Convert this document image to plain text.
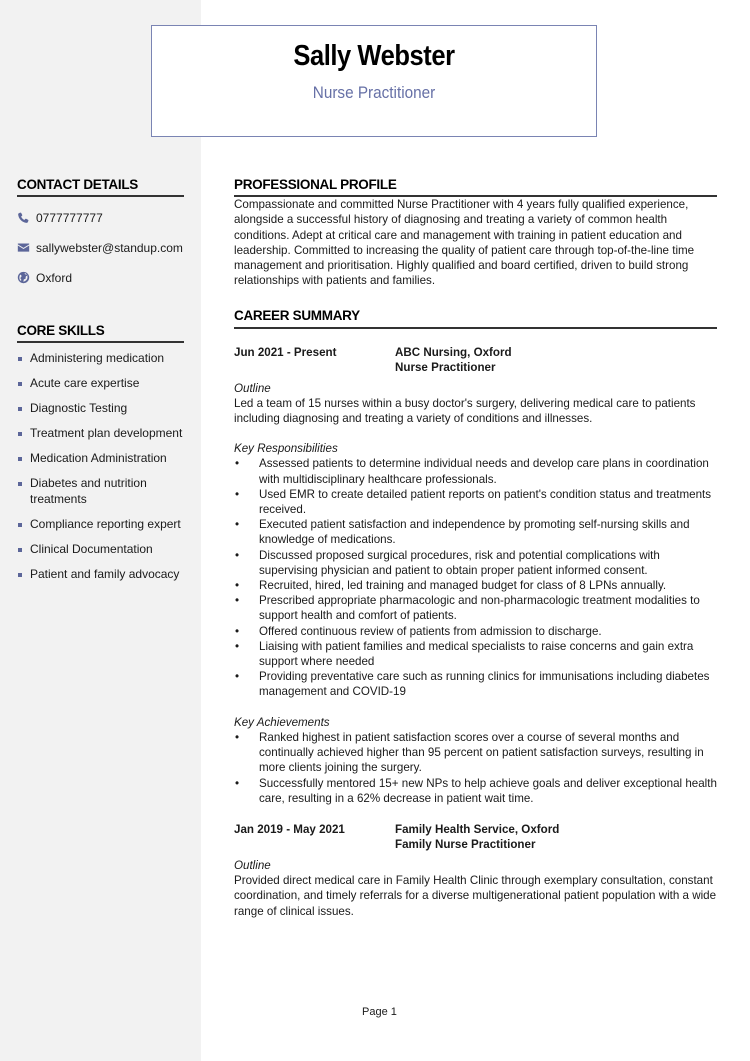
Sally Webster
Nurse Practitioner
CONTACT DETAILS
0777777777
sallywebster@standup.com
Oxford
CORE SKILLS
Administering medication
Acute care expertise
Diagnostic Testing
Treatment plan development
Medication Administration
Diabetes and nutrition treatments
Compliance reporting expert
Clinical Documentation
Patient and family advocacy
PROFESSIONAL PROFILE

Compassionate and committed Nurse Practitioner with 4 years fully qualified experience, alongside a successful history of diagnosing and treating a variety of common health conditions. Adept at critical care and management with training in patient education and leadership. Committed to increasing the quality of patient care through top-of-the-line time management and prioritisation. Highly qualified and board certified, driven to build strong relationships with patients and families.

CAREER SUMMARY
Jun 2021 - Present	ABC Nursing, Oxford
Nurse Practitioner
Outline

Led a team of 15 nurses within a busy doctor's surgery, delivering medical care to patients including diagnosing and treating a variety of conditions and illnesses.

Key Responsibilities
• Assessed patients to determine individual needs and develop care plans in coordination with multidisciplinary healthcare professionals.
• Used EMR to create detailed patient reports on patient's condition status and treatments received.
• Executed patient satisfaction and independence by promoting self-nursing skills and knowledge of medications.
• Discussed proposed surgical procedures, risk and potential complications with supervising physician and patient to obtain proper patient informed consent.
• Recruited, hired, led training and managed budget for class of 8 LPNs annually.
• Prescribed appropriate pharmacologic and non-pharmacologic treatment modalities to support health and comfort of patients.
• Offered continuous review of patients from admission to discharge.
• Liaising with patient families and medical specialists to raise concerns and gain extra support where needed
• Providing preventative care such as running clinics for immunisations including diabetes management and COVID-19
Key Achievements
• Ranked highest in patient satisfaction scores over a course of several months and continually achieved higher than 95 percent on patient satisfaction surveys, resulting in more clients joining the surgery.
• Successfully mentored 15+ new NPs to help achieve goals and deliver exceptional health care, resulting in a 62% decrease in patient wait time.
Jan 2019 - May 2021	Family Health Service, Oxford
Family Nurse Practitioner
Outline

Provided direct medical care in Family Health Clinic through exemplary consultation, constant coordination, and timely referrals for a diverse multigenerational patient population with a wide range of clinical issues.

Page 1
